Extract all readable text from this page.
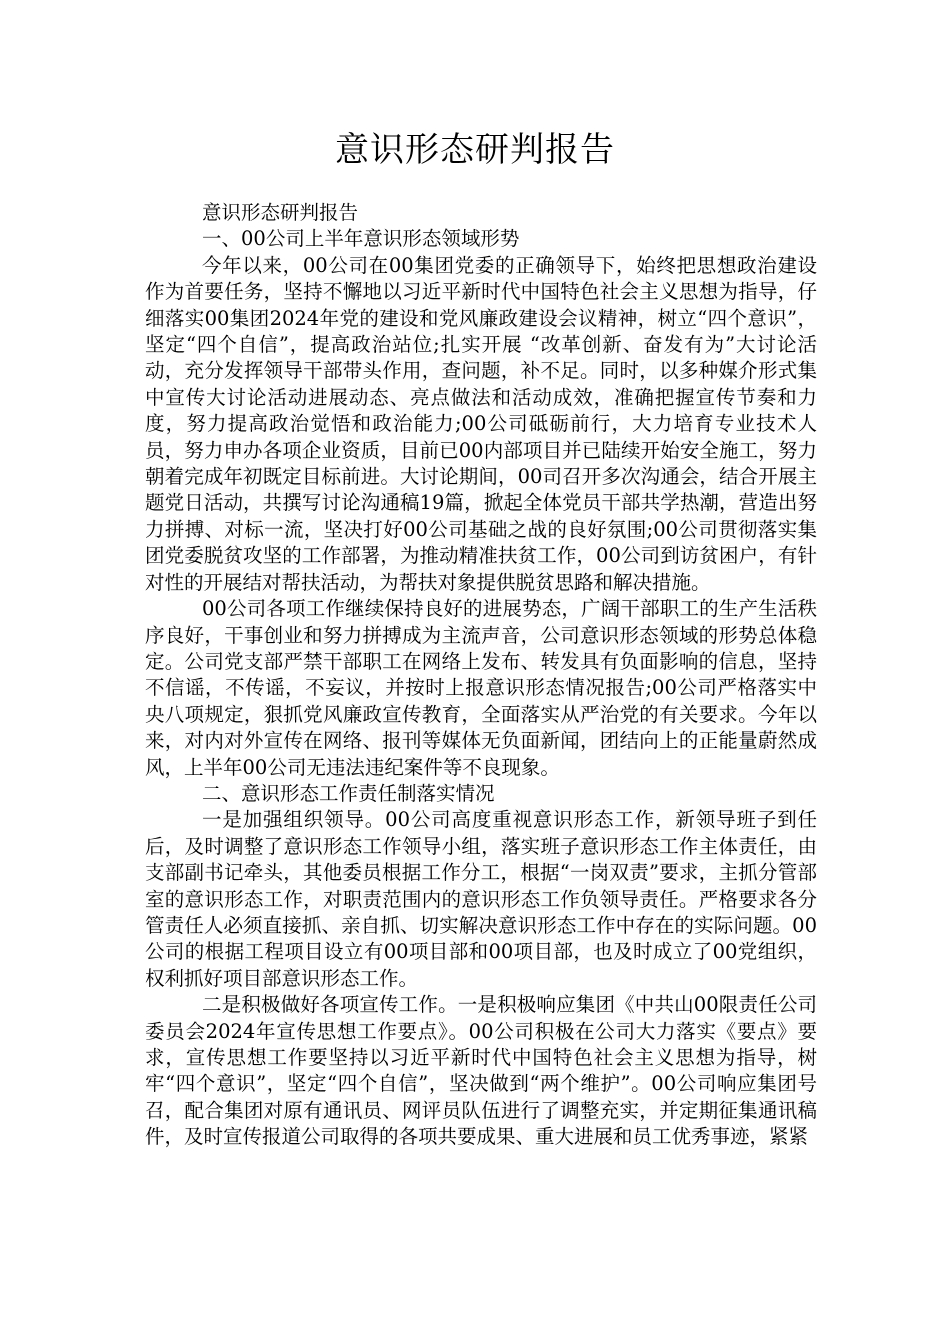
意识形态研判报告

意识形态研判报告

一、00公司上半年意识形态领域形势

今年以来，00公司在00集团党委的正确领导下，始终把思想政治建设作为首要任务，坚持不懈地以习近平新时代中国特色社会主义思想为指导，仔细落实00集团2024年党的建设和党风廉政建设会议精神，树立“四个意识”，坚定“四个自信”，提高政治站位;扎实开展 “改革创新、奋发有为”大讨论活动，充分发挥领导干部带头作用，查问题，补不足。同时，以多种媒介形式集中宣传大讨论活动进展动态、亮点做法和活动成效，准确把握宣传节奏和力度，努力提高政治觉悟和政治能力;00公司砥砺前行，大力培育专业技术人员，努力申办各项企业资质，目前已00内部项目并已陆续开始安全施工，努力朝着完成年初既定目标前进。大讨论期间，00司召开多次沟通会，结合开展主题党日活动，共撰写讨论沟通稿19篇，掀起全体党员干部共学热潮，营造出努力拼搏、对标一流，坚决打好00公司基础之战的良好氛围;00公司贯彻落实集团党委脱贫攻坚的工作部署，为推动精准扶贫工作，00公司到访贫困户，有针对性的开展结对帮扶活动，为帮扶对象提供脱贫思路和解决措施。

00公司各项工作继续保持良好的进展势态，广阔干部职工的生产生活秩序良好，干事创业和努力拼搏成为主流声音，公司意识形态领域的形势总体稳定。公司党支部严禁干部职工在网络上发布、转发具有负面影响的信息，坚持不信谣，不传谣，不妄议，并按时上报意识形态情况报告;00公司严格落实中央八项规定，狠抓党风廉政宣传教育，全面落实从严治党的有关要求。今年以来，对内对外宣传在网络、报刊等媒体无负面新闻，团结向上的正能量蔚然成风，上半年00公司无违法违纪案件等不良现象。

二、意识形态工作责任制落实情况

一是加强组织领导。00公司高度重视意识形态工作，新领导班子到任后，及时调整了意识形态工作领导小组，落实班子意识形态工作主体责任，由支部副书记牵头，其他委员根据工作分工，根据“一岗双责”要求，主抓分管部室的意识形态工作，对职责范围内的意识形态工作负领导责任。严格要求各分管责任人必须直接抓、亲自抓、切实解决意识形态工作中存在的实际问题。00公司的根据工程项目设立有00项目部和00项目部，也及时成立了00党组织，权利抓好项目部意识形态工作。

二是积极做好各项宣传工作。一是积极响应集团《中共山00限责任公司委员会2024年宣传思想工作要点》。00公司积极在公司大力落实《要点》要求，宣传思想工作要坚持以习近平新时代中国特色社会主义思想为指导，树牢“四个意识”，坚定“四个自信”，坚决做到“两个维护”。00公司响应集团号召，配合集团对原有通讯员、网评员队伍进行了调整充实，并定期征集通讯稿件，及时宣传报道公司取得的各项共要成果、重大进展和员工优秀事迹，紧紧
